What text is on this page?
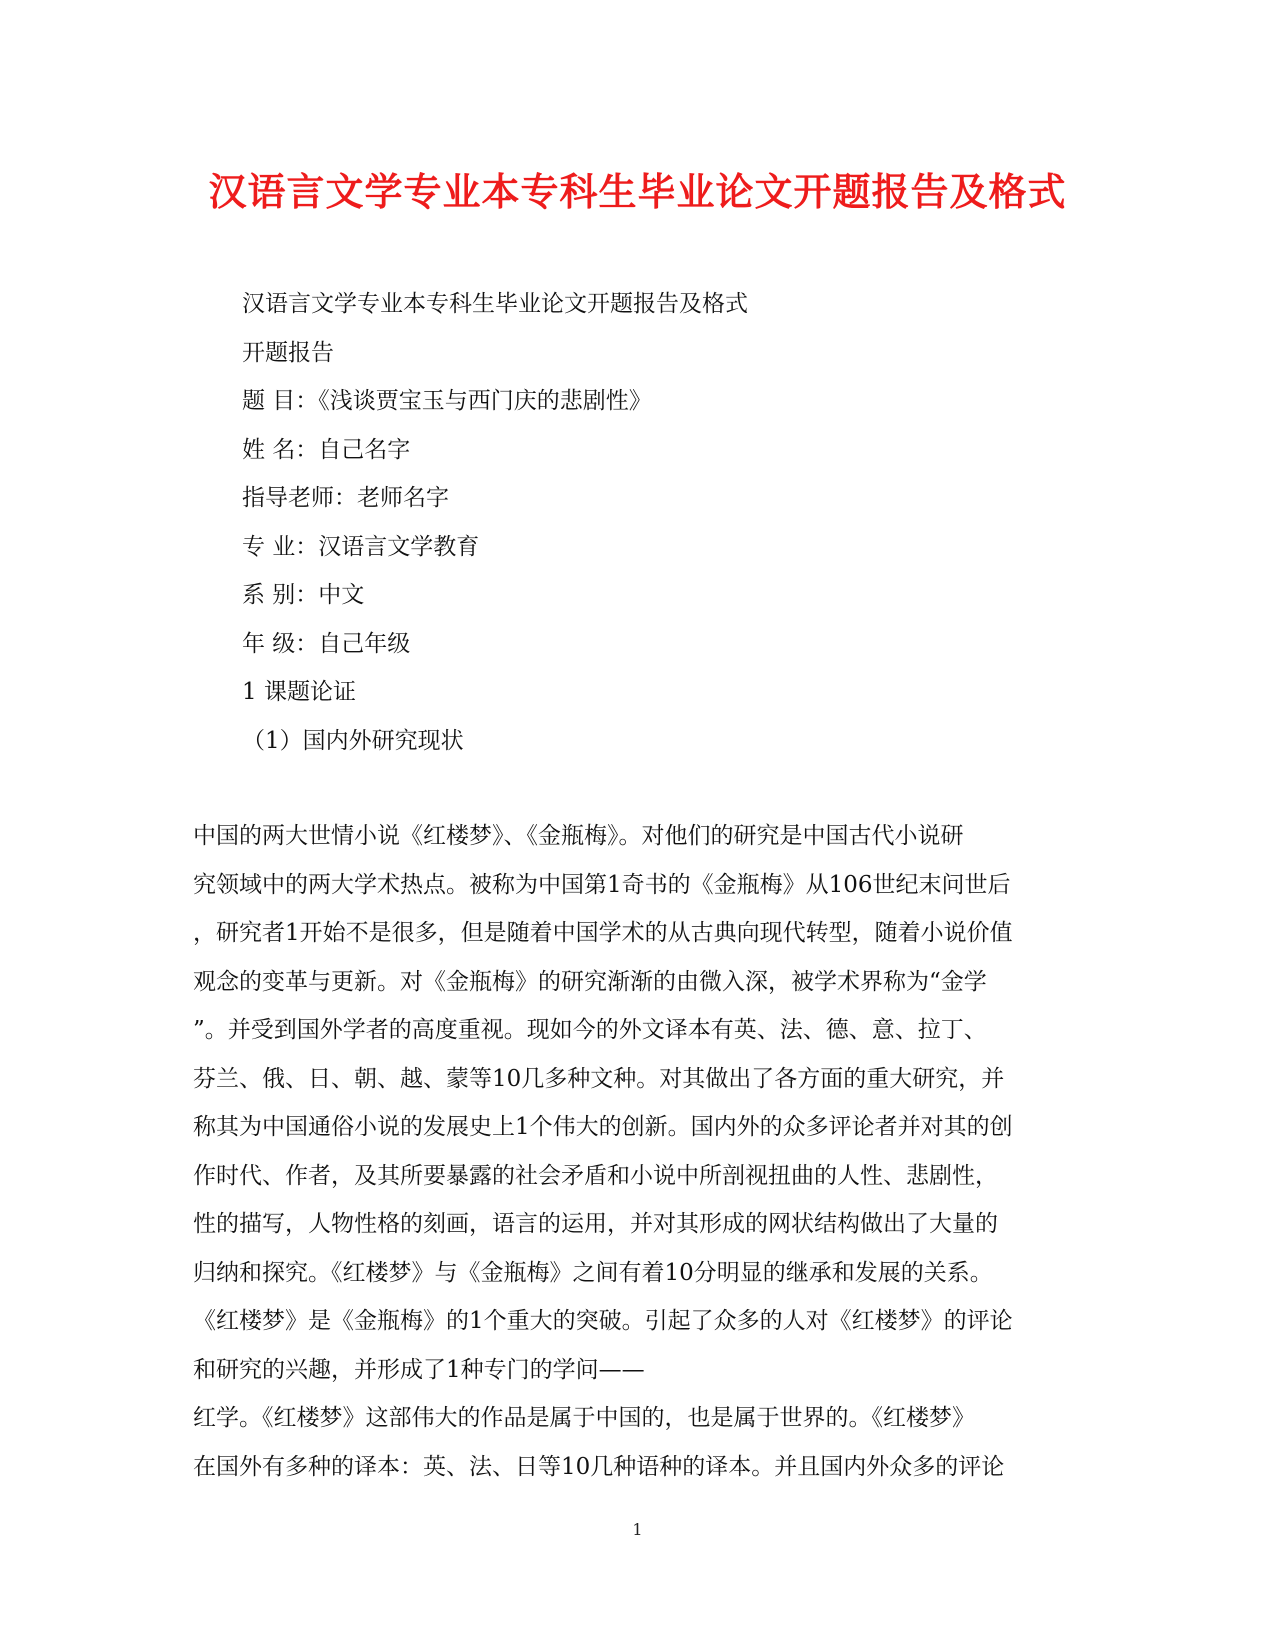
汉语言文学专业本专科生毕业论文开题报告及格式
汉语言文学专业本专科生毕业论文开题报告及格式
开题报告
题 目：《浅谈贾宝玉与西门庆的悲剧性》
姓 名：自己名字
指导老师：老师名字
专 业：汉语言文学教育
系 别：中文
年 级：自己年级
1 课题论证
（1）国内外研究现状
中国的两大世情小说《红楼梦》、《金瓶梅》。对他们的研究是中国古代小说研
究领域中的两大学术热点。被称为中国第1奇书的《金瓶梅》从106世纪末问世后
，研究者1开始不是很多，但是随着中国学术的从古典向现代转型，随着小说价值
观念的变革与更新。对《金瓶梅》的研究渐渐的由微入深，被学术界称为“金学
”。并受到国外学者的高度重视。现如今的外文译本有英、法、德、意、拉丁、
芬兰、俄、日、朝、越、蒙等10几多种文种。对其做出了各方面的重大研究，并
称其为中国通俗小说的发展史上1个伟大的创新。国内外的众多评论者并对其的创
作时代、作者，及其所要暴露的社会矛盾和小说中所剖视扭曲的人性、悲剧性，
性的描写，人物性格的刻画，语言的运用，并对其形成的网状结构做出了大量的
归纳和探究。《红楼梦》与《金瓶梅》之间有着10分明显的继承和发展的关系。
《红楼梦》是《金瓶梅》的1个重大的突破。引起了众多的人对《红楼梦》的评论
和研究的兴趣，并形成了1种专门的学问——
红学。《红楼梦》这部伟大的作品是属于中国的，也是属于世界的。《红楼梦》
在国外有多种的译本：英、法、日等10几种语种的译本。并且国内外众多的评论
1
